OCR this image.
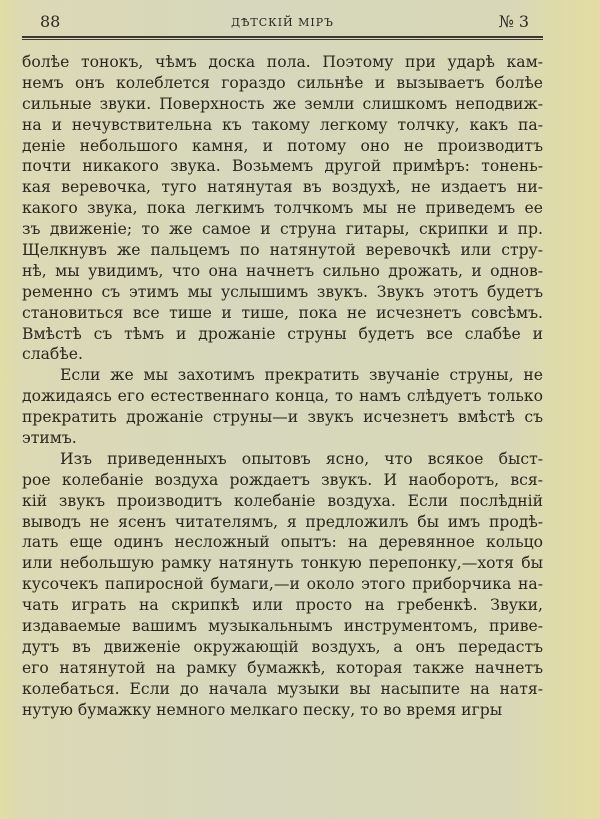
88	ДѢТСКІЙ МІРЪ	№ 3
болѣе тонокъ, чѣмъ доска пола. Поэтому при ударѣ кам-
немъ онъ колеблется гораздо сильнѣе и вызываетъ болѣе
сильные звуки. Поверхность же земли слишкомъ неподвиж-
на и нечувствительна къ такому легкому толчку, какъ па-
деніе небольшого камня, и потому оно не производитъ
почти никакого звука. Возьмемъ другой примѣръ: тонень-
кая веревочка, туго натянутая въ воздухѣ, не издаетъ ни-
какого звука, пока легкимъ толчкомъ мы не приведемъ ее
зъ движеніе; то же самое и струна гитары, скрипки и пр.
Щелкнувъ же пальцемъ по натянутой веревочкѣ или стру-
нѣ, мы увидимъ, что она начнетъ сильно дрожать, и однов-
ременно съ этимъ мы услышимъ звукъ. Звукъ этотъ будетъ
становиться все тише и тише, пока не исчезнетъ совсѣмъ.
Вмѣстѣ съ тѣмъ и дрожаніе струны будетъ все слабѣе и
слабѣе.
Если же мы захотимъ прекратить звучаніе струны, не
дожидаясь его естественнаго конца, то намъ слѣдуетъ только
прекратить дрожаніе струны—и звукъ исчезнетъ вмѣстѣ съ
этимъ.
Изъ приведенныхъ опытовъ ясно, что всякое быст-
рое колебаніе воздуха рождаетъ звукъ. И наоборотъ, вся-
кій звукъ производитъ колебаніе воздуха. Если послѣдній
выводъ не ясенъ читателямъ, я предложилъ бы имъ продѣ-
лать еще одинъ несложный опытъ: на деревянное кольцо
или небольшую рамку натянуть тонкую перепонку,—хотя бы
кусочекъ папиросной бумаги,—и около этого приборчика на-
чать играть на скрипкѣ или просто на гребенкѣ. Звуки,
издаваемые вашимъ музыкальнымъ инструментомъ, приве-
дутъ въ движеніе окружающій воздухъ, а онъ передастъ
его натянутой на рамку бумажкѣ, которая также начнетъ
колебаться. Если до начала музыки вы насыпите на натя-
нутую бумажку немного мелкаго песку, то во время игры
